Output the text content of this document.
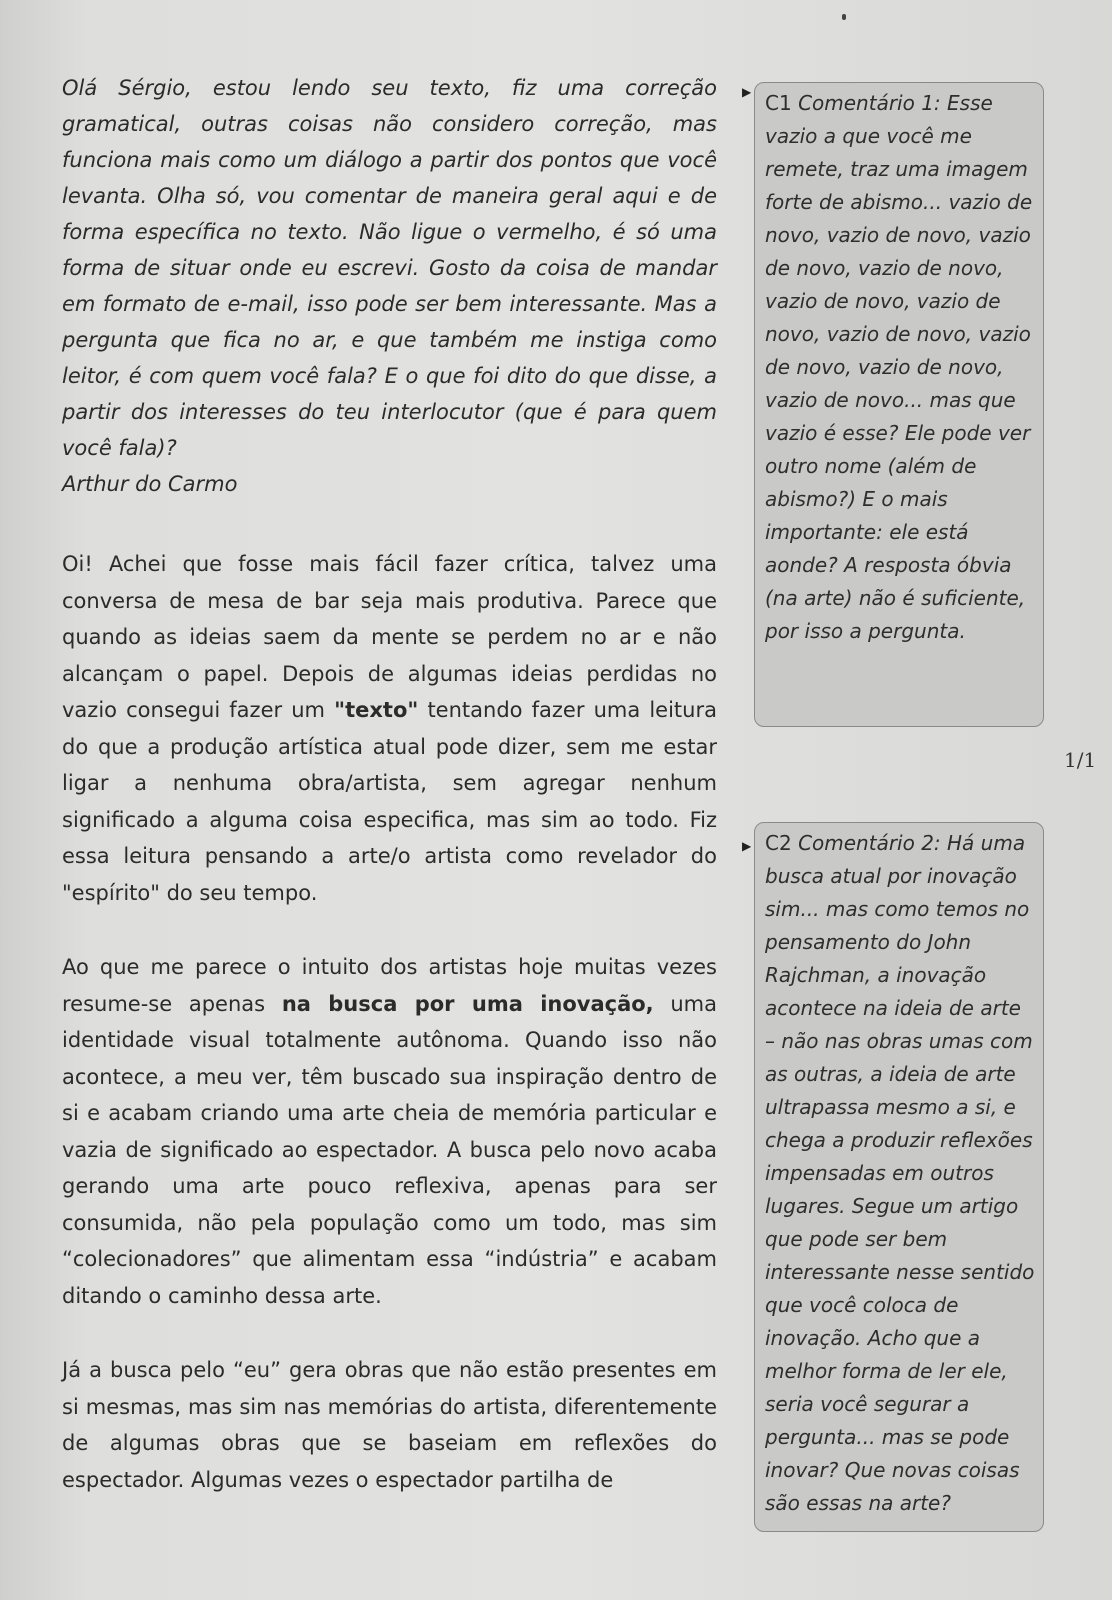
Olá Sérgio, estou lendo seu texto, fiz uma correção gramatical, outras coisas não considero correção, mas funciona mais como um diálogo a partir dos pontos que você levanta. Olha só, vou comentar de maneira geral aqui e de forma específica no texto. Não ligue o vermelho, é só uma forma de situar onde eu escrevi. Gosto da coisa de mandar em formato de e-mail, isso pode ser bem interessante. Mas a pergunta que fica no ar, e que também me instiga como leitor, é com quem você fala? E o que foi dito do que disse, a partir dos interesses do teu interlocutor (que é para quem você fala)?

Arthur do Carmo

Oi! Achei que fosse mais fácil fazer crítica, talvez uma conversa de mesa de bar seja mais produtiva. Parece que quando as ideias saem da mente se perdem no ar e não alcançam o papel. Depois de algumas ideias perdidas no vazio consegui fazer um "texto" tentando fazer uma leitura do que a produção artística atual pode dizer, sem me estar ligar a nenhuma obra/artista, sem agregar nenhum significado a alguma coisa especifica, mas sim ao todo. Fiz essa leitura pensando a arte/o artista como revelador do "espírito" do seu tempo.

Ao que me parece o intuito dos artistas hoje muitas vezes resume-se apenas na busca por uma inovação, uma identidade visual totalmente autônoma. Quando isso não acontece, a meu ver, têm buscado sua inspiração dentro de si e acabam criando uma arte cheia de memória particular e vazia de significado ao espectador. A busca pelo novo acaba gerando uma arte pouco reflexiva, apenas para ser consumida, não pela população como um todo, mas sim “colecionadores” que alimentam essa “indústria” e acabam ditando o caminho dessa arte.

Já a busca pelo “eu” gera obras que não estão presentes em si mesmas, mas sim nas memórias do artista, diferentemente de algumas obras que se baseiam em reflexões do espectador. Algumas vezes o espectador partilha de

▶ C1 Comentário 1: Esse vazio a que você me remete, traz uma imagem forte de abismo... vazio de novo, vazio de novo, vazio de novo, vazio de novo, vazio de novo, vazio de novo, vazio de novo, vazio de novo, vazio de novo, vazio de novo... mas que vazio é esse? Ele pode ver outro nome (além de abismo?) E o mais importante: ele está aonde? A resposta óbvia (na arte) não é suficiente, por isso a pergunta.
1/1
▶ C2 Comentário 2: Há uma busca atual por inovação sim... mas como temos no pensamento do John Rajchman, a inovação acontece na ideia de arte – não nas obras umas com as outras, a ideia de arte ultrapassa mesmo a si, e chega a produzir reflexões impensadas em outros lugares. Segue um artigo que pode ser bem interessante nesse sentido que você coloca de inovação. Acho que a melhor forma de ler ele, seria você segurar a pergunta... mas se pode inovar? Que novas coisas são essas na arte?
